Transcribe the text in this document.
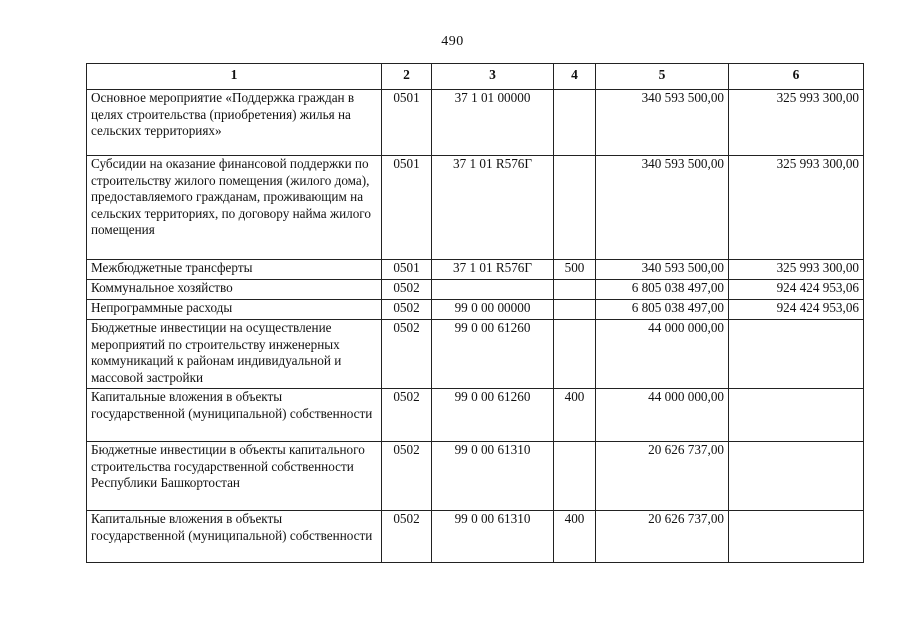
490
1	2	3	4	5	6
Основное мероприятие «Поддержка граждан в целях строительства (приобретения) жилья на сельских территориях»	0501	37 1 01 00000		340 593 500,00	325 993 300,00
Субсидии на оказание финансовой поддержки по строительству жилого помещения (жилого дома), предоставляемого гражданам, проживающим на сельских территориях, по договору найма жилого помещения	0501	37 1 01 R576Г		340 593 500,00	325 993 300,00
Межбюджетные трансферты	0501	37 1 01 R576Г	500	340 593 500,00	325 993 300,00
Коммунальное хозяйство	0502			6 805 038 497,00	924 424 953,06
Непрограммные расходы	0502	99 0 00 00000		6 805 038 497,00	924 424 953,06
Бюджетные инвестиции на осуществление мероприятий по строительству инженерных коммуникаций к районам индивидуальной и массовой застройки	0502	99 0 00 61260		44 000 000,00	
Капитальные вложения в объекты государственной (муниципальной) собственности	0502	99 0 00 61260	400	44 000 000,00	
Бюджетные инвестиции в объекты капитального строительства государственной собственности Республики Башкортостан	0502	99 0 00 61310		20 626 737,00	
Капитальные вложения в объекты государственной (муниципальной) собственности	0502	99 0 00 61310	400	20 626 737,00	
